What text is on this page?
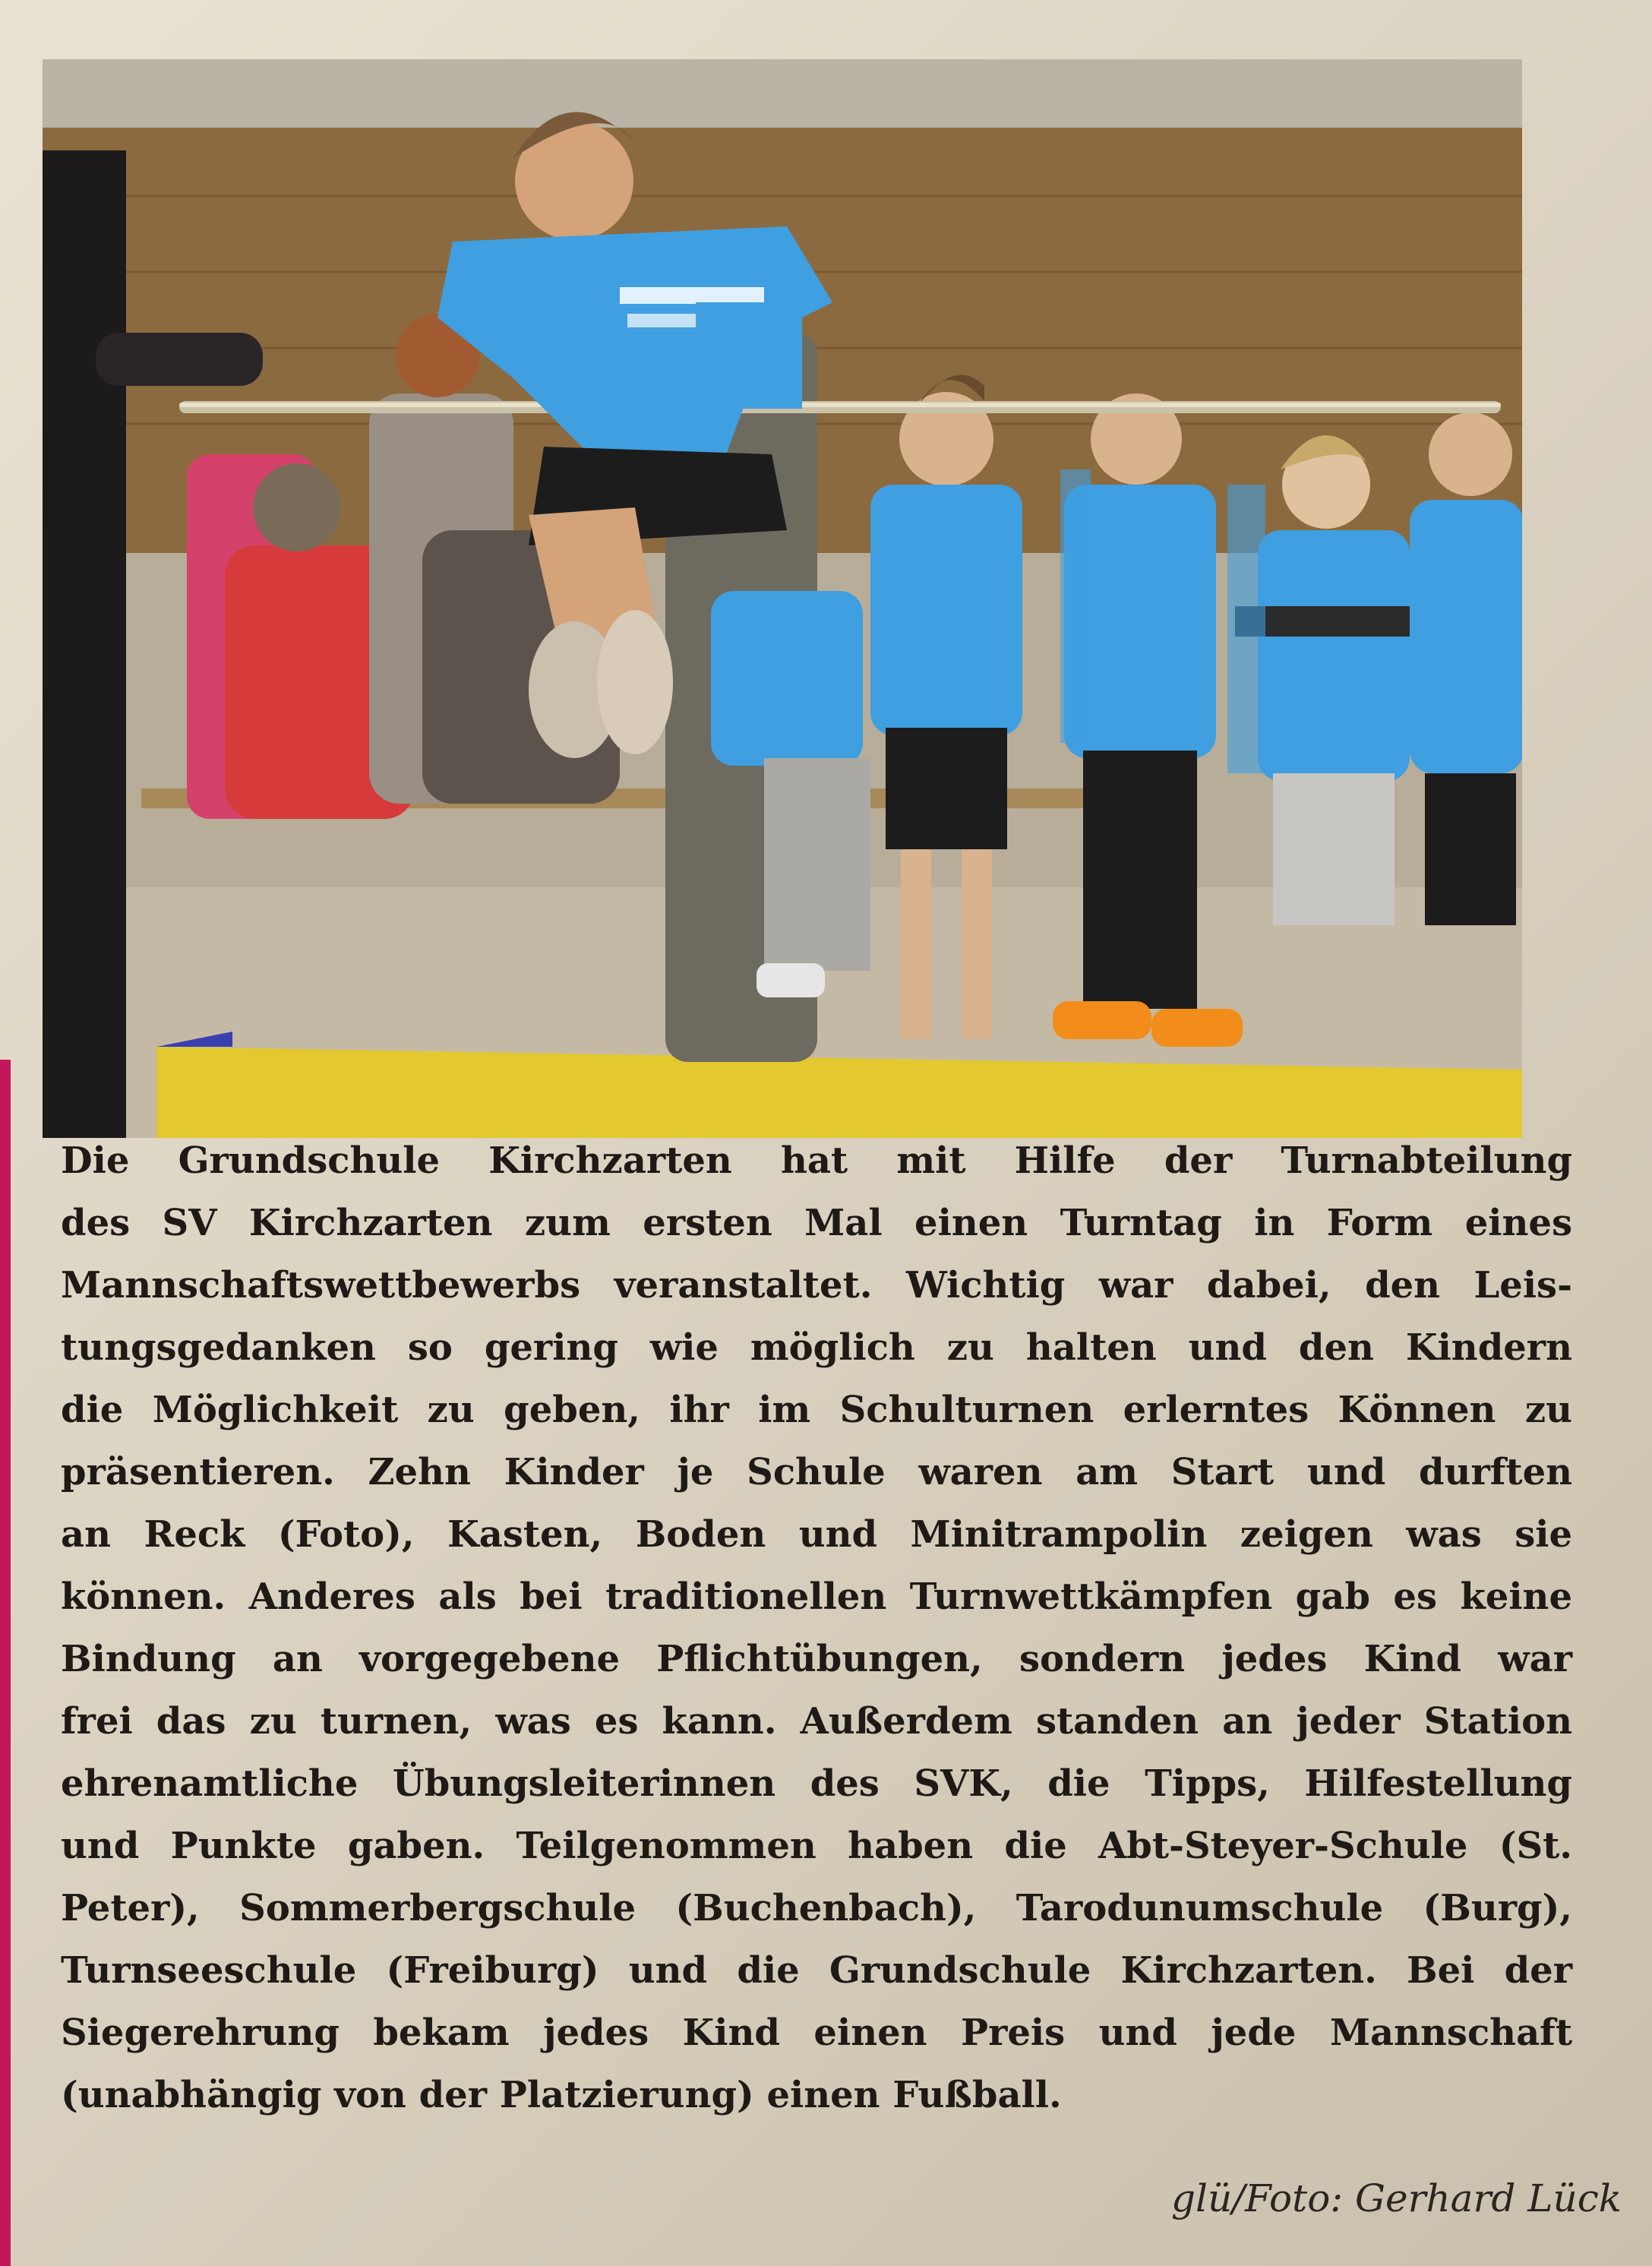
Die Grundschule Kirchzarten hat mit Hilfe der Turnabteilung
des SV Kirchzarten zum ersten Mal einen Turntag in Form eines
Mannschaftswettbewerbs veranstaltet. Wichtig war dabei, den Leis-
tungsgedanken so gering wie möglich zu halten und den Kindern
die Möglichkeit zu geben, ihr im Schulturnen erlerntes Können zu
präsentieren. Zehn Kinder je Schule waren am Start und durften
an Reck (Foto), Kasten, Boden und Minitrampolin zeigen was sie
können. Anderes als bei traditionellen Turnwettkämpfen gab es keine
Bindung an vorgegebene Pflichtübungen, sondern jedes Kind war
frei das zu turnen, was es kann. Außerdem standen an jeder Station
ehrenamtliche Übungsleiterinnen des SVK, die Tipps, Hilfestellung
und Punkte gaben. Teilgenommen haben die Abt-Steyer-Schule (St.
Peter), Sommerbergschule (Buchenbach), Tarodunumschule (Burg),
Turnseeschule (Freiburg) und die Grundschule Kirchzarten. Bei der
Siegerehrung bekam jedes Kind einen Preis und jede Mannschaft
(unabhängig von der Platzierung) einen Fußball.
glü/Foto: Gerhard Lück
